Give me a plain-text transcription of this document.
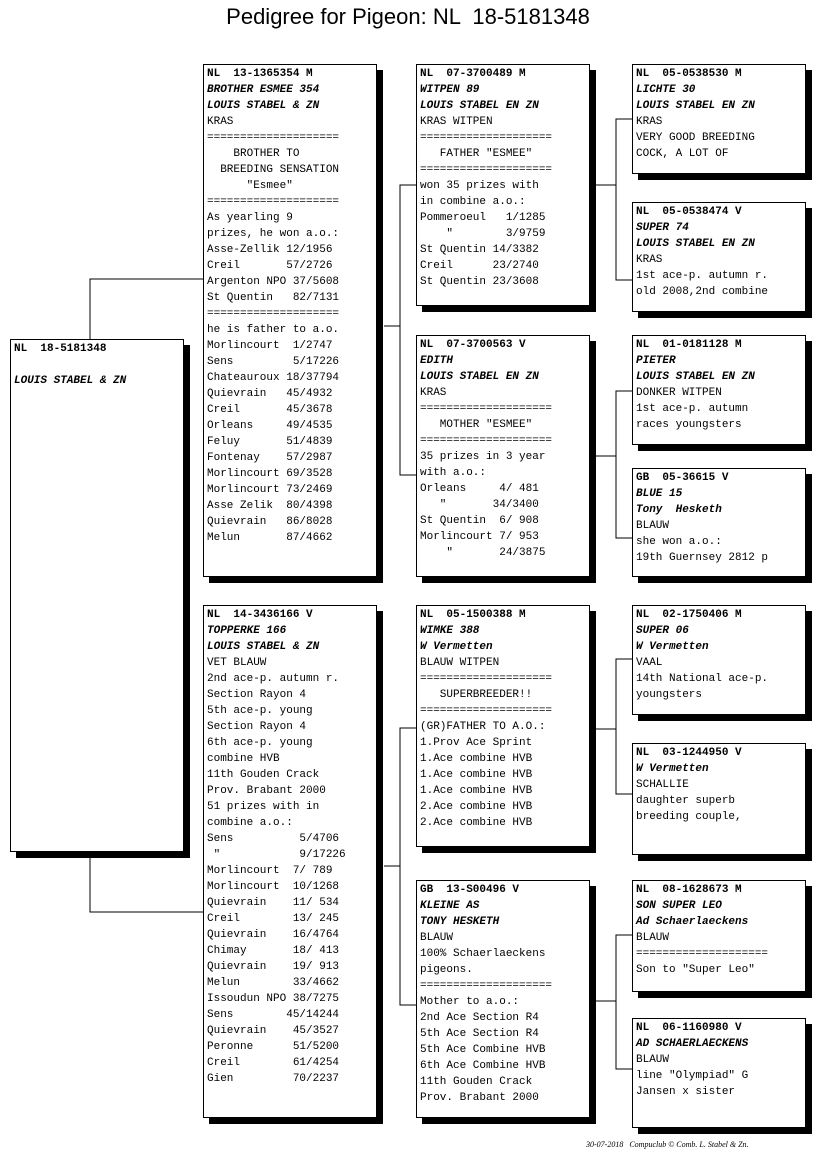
Pedigree for Pigeon: NL  18-5181348
NL  18-5181348
LOUIS STABEL & ZN
NL  13-1365354 M
BROTHER ESMEE 354
LOUIS STABEL & ZN
KRAS
====================
BROTHER TO
BREEDING SENSATION
"Esmee"
====================
As yearling 9
prizes, he won a.o.:
Asse-Zellik 12/1956
Creil       57/2726
Argenton NPO 37/5608
St Quentin   82/7131
====================
he is father to a.o.
Morlincourt  1/2747
Sens         5/17226
Chateauroux 18/37794
Quievrain   45/4932
Creil       45/3678
Orleans     49/4535
Feluy       51/4839
Fontenay    57/2987
Morlincourt 69/3528
Morlincourt 73/2469
Asse Zelik  80/4398
Quievrain   86/8028
Melun       87/4662
NL  14-3436166 V
TOPPERKE 166
LOUIS STABEL & ZN
VET BLAUW
2nd ace-p. autumn r.
Section Rayon 4
5th ace-p. young
Section Rayon 4
6th ace-p. young
combine HVB
11th Gouden Crack
Prov. Brabant 2000
51 prizes with in
combine a.o.:
Sens          5/4706
"            9/17226
Morlincourt  7/ 789
Morlincourt  10/1268
Quievrain    11/ 534
Creil        13/ 245
Quievrain    16/4764
Chimay       18/ 413
Quievrain    19/ 913
Melun        33/4662
Issoudun NPO 38/7275
Sens        45/14244
Quievrain    45/3527
Peronne      51/5200
Creil        61/4254
Gien         70/2237
NL  07-3700489 M
WITPEN 89
LOUIS STABEL EN ZN
KRAS WITPEN
====================
FATHER "ESMEE"
====================
won 35 prizes with
in combine a.o.:
Pommeroeul   1/1285
"        3/9759
St Quentin 14/3382
Creil      23/2740
St Quentin 23/3608
NL  07-3700563 V
EDITH
LOUIS STABEL EN ZN
KRAS
====================
MOTHER "ESMEE"
====================
35 prizes in 3 year
with a.o.:
Orleans     4/ 481
"       34/3400
St Quentin  6/ 908
Morlincourt 7/ 953
"       24/3875
NL  05-1500388 M
WIMKE 388
W Vermetten
BLAUW WITPEN
====================
SUPERBREEDER!!
====================
(GR)FATHER TO A.O.:
1.Prov Ace Sprint
1.Ace combine HVB
1.Ace combine HVB
1.Ace combine HVB
2.Ace combine HVB
2.Ace combine HVB
GB  13-S00496 V
KLEINE AS
TONY HESKETH
BLAUW
100% Schaerlaeckens
pigeons.
====================
Mother to a.o.:
2nd Ace Section R4
5th Ace Section R4
5th Ace Combine HVB
6th Ace Combine HVB
11th Gouden Crack
Prov. Brabant 2000
NL  05-0538530 M
LICHTE 30
LOUIS STABEL EN ZN
KRAS
VERY GOOD BREEDING
COCK, A LOT OF
NL  05-0538474 V
SUPER 74
LOUIS STABEL EN ZN
KRAS
1st ace-p. autumn r.
old 2008,2nd combine
NL  01-0181128 M
PIETER
LOUIS STABEL EN ZN
DONKER WITPEN
1st ace-p. autumn
races youngsters
GB  05-36615 V
BLUE 15
Tony  Hesketh
BLAUW
she won a.o.:
19th Guernsey 2812 p
NL  02-1750406 M
SUPER 06
W Vermetten
VAAL
14th National ace-p.
youngsters
NL  03-1244950 V
W Vermetten
SCHALLIE
daughter superb
breeding couple,
NL  08-1628673 M
SON SUPER LEO
Ad Schaerlaeckens
BLAUW
====================
Son to "Super Leo"
NL  06-1160980 V
AD SCHAERLAECKENS
BLAUW
line "Olympiad" G
Jansen x sister
30-07-2018   Compuclub © Comb. L. Stabel & Zn.
